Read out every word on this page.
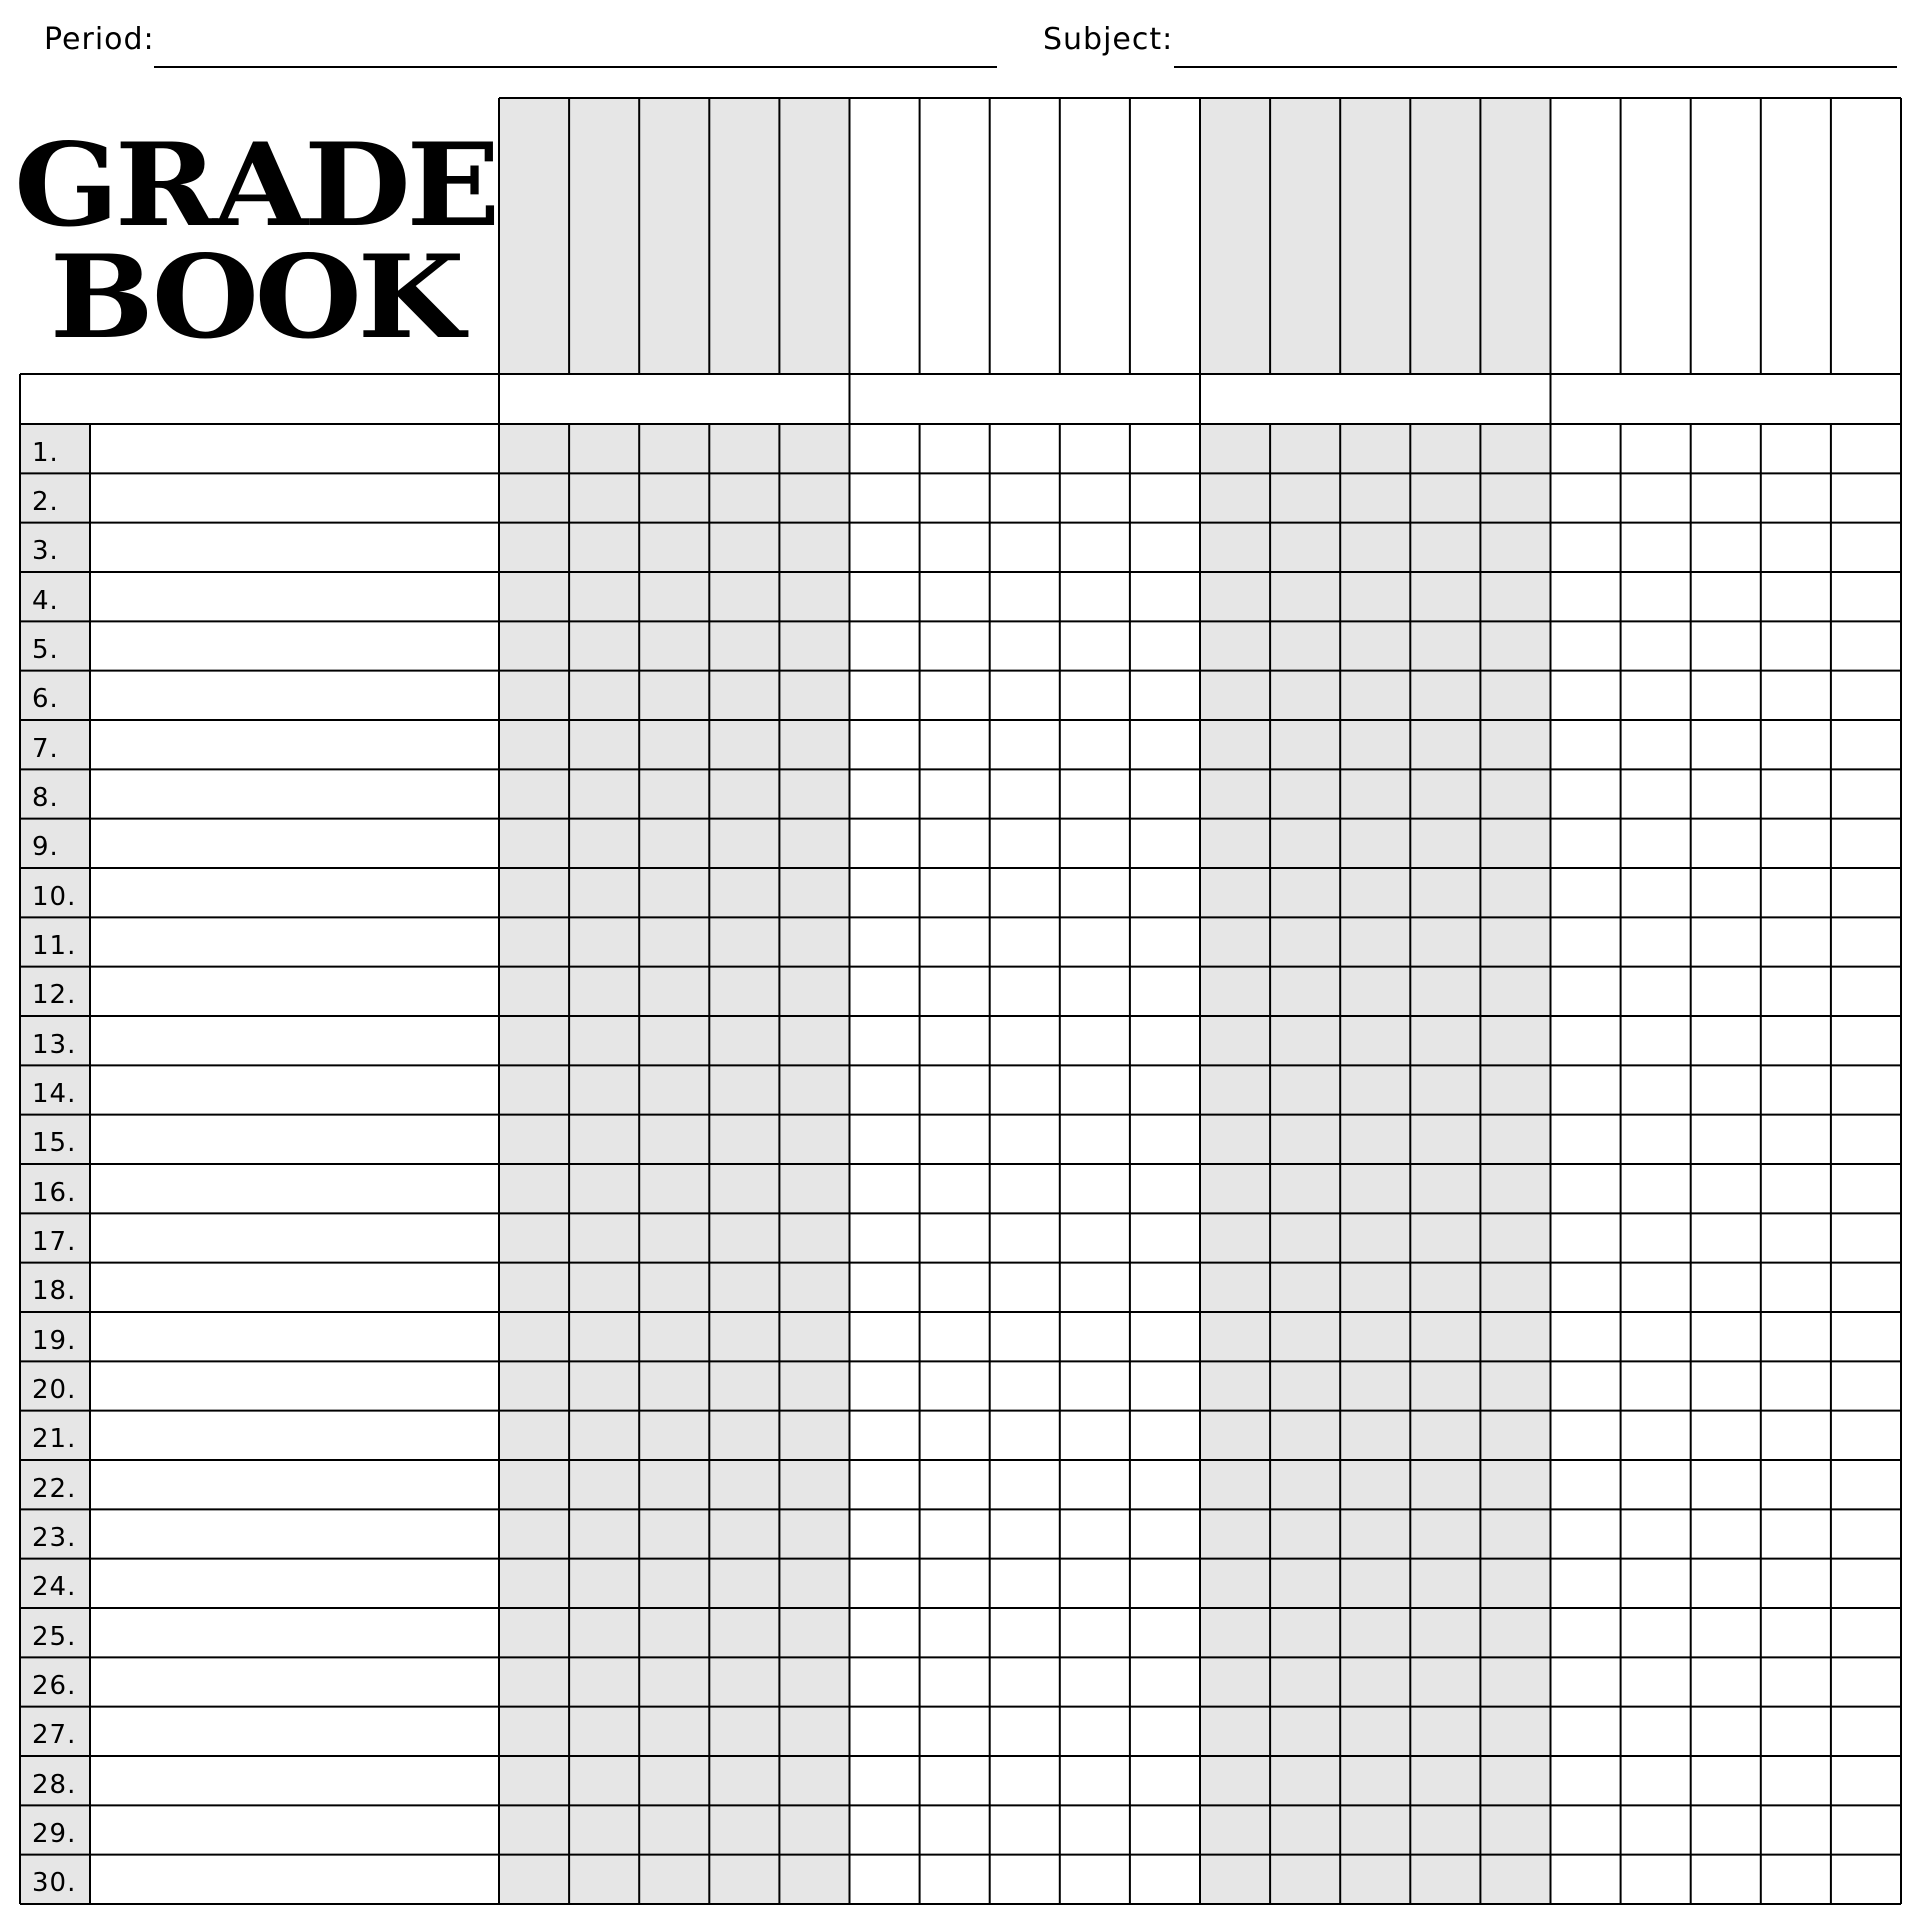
Period:	Subject:
GRADE
BOOK
1.
2.
3.
4.
5.
6.
7.
8.
9.
10.
11.
12.
13.
14.
15.
16.
17.
18.
19.
20.
21.
22.
23.
24.
25.
26.
27.
28.
29.
30.
